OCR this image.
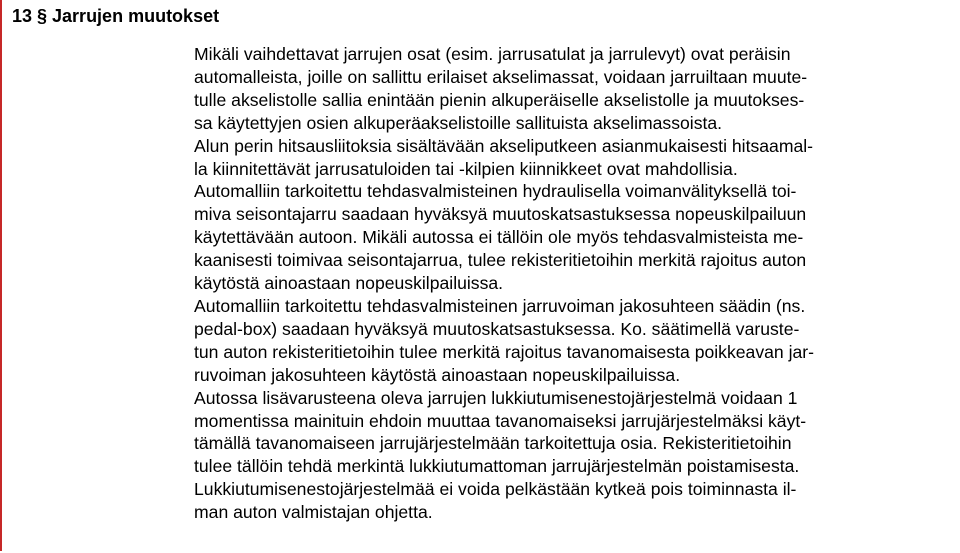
13 § Jarrujen muutokset
Mikäli vaihdettavat jarrujen osat (esim. jarrusatulat ja jarrulevyt) ovat peräisin
automalleista, joille on sallittu erilaiset akselimassat, voidaan jarruiltaan muute-
tulle akselistolle sallia enintään pienin alkuperäiselle akselistolle ja muutokses-
sa käytettyjen osien alkuperäakselistoille sallituista akselimassoista.
Alun perin hitsausliitoksia sisältävään akseliputkeen asianmukaisesti hitsaamal-
la kiinnitettävät jarrusatuloiden tai -kilpien kiinnikkeet ovat mahdollisia.
Automalliin tarkoitettu tehdasvalmisteinen hydraulisella voimanvälityksellä toi-
miva seisontajarru saadaan hyväksyä muutoskatsastuksessa nopeuskilpailuun
käytettävään autoon. Mikäli autossa ei tällöin ole myös tehdasvalmisteista me-
kaanisesti toimivaa seisontajarrua, tulee rekisteritietoihin merkitä rajoitus auton
käytöstä ainoastaan nopeuskilpailuissa.
Automalliin tarkoitettu tehdasvalmisteinen jarruvoiman jakosuhteen säädin (ns.
pedal-box) saadaan hyväksyä muutoskatsastuksessa. Ko. säätimellä varuste-
tun auton rekisteritietoihin tulee merkitä rajoitus tavanomaisesta poikkeavan jar-
ruvoiman jakosuhteen käytöstä ainoastaan nopeuskilpailuissa.
Autossa lisävarusteena oleva jarrujen lukkiutumisenestojärjestelmä voidaan 1
momentissa mainituin ehdoin muuttaa tavanomaiseksi jarrujärjestelmäksi käyt-
tämällä tavanomaiseen jarrujärjestelmään tarkoitettuja osia. Rekisteritietoihin
tulee tällöin tehdä merkintä lukkiutumattoman jarrujärjestelmän poistamisesta.
Lukkiutumisenestojärjestelmää ei voida pelkästään kytkeä pois toiminnasta il-
man auton valmistajan ohjetta.
